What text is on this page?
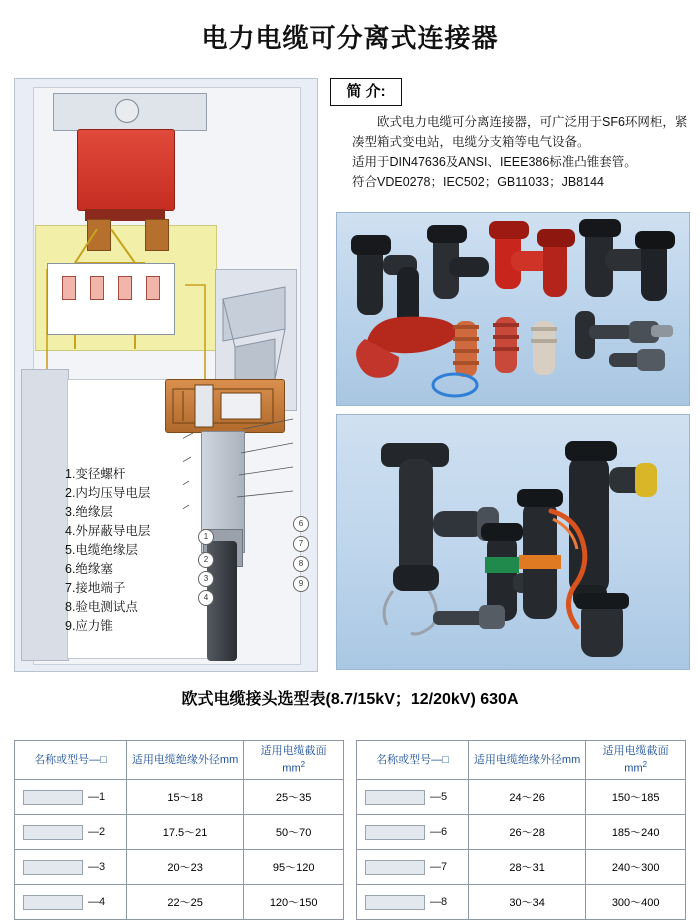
电力电缆可分离式连接器
1
2
3
4
6
7
8
9
1.变径螺杆
2.内均压导电层
3.绝缘层
4.外屏蔽导电层
5.电缆绝缘层
6.绝缘塞
7.接地端子
8.验电测试点
9.应力锥
简 介:

欧式电力电缆可分离连接器，可广泛用于SF6环网柜，紧凑型箱式变电站，电缆分支箱等电气设备。

适用于DIN47636及ANSI、IEEE386标准凸锥套管。

符合VDE0278；IEC502；GB11033；JB8144

欧式电缆接头选型表(8.7/15kV；12/20kV) 630A
名称或型号—□	适用电缆绝缘外径mm	适用电缆截面
$mm^2$

—1	15～18	25～35

—2	17.5～21	50～70

—3	20～23	95～120

—4	22～25	120～150
名称或型号—□	适用电缆绝缘外径mm	适用电缆截面
$mm^2$

—5	24～26	150～185

—6	26～28	185～240

—7	28～31	240～300

—8	30～34	300～400
